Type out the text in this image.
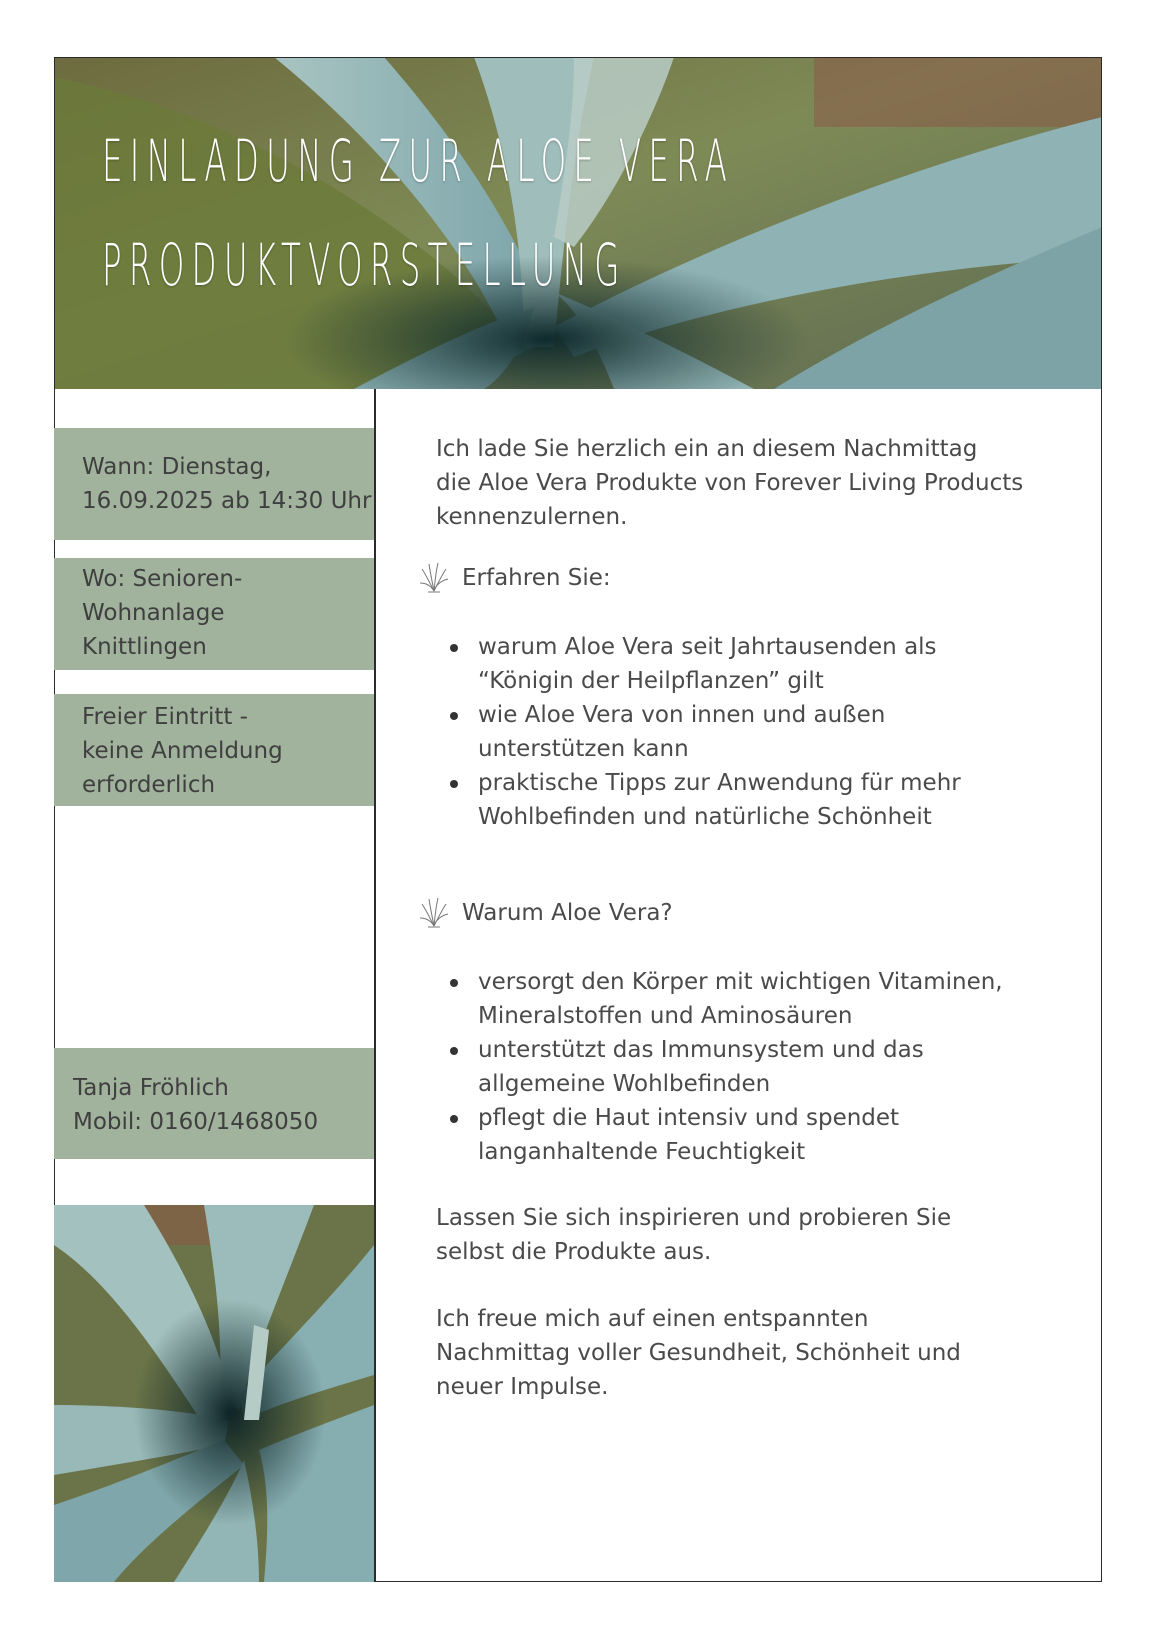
EINLADUNG ZUR ALOE VERA
PRODUKTVORSTELLUNG
Wann: Dienstag,
16.09.2025 ab 14:30 Uhr
Wo: Senioren-
Wohnanlage
Knittlingen
Freier Eintritt -
keine Anmeldung
erforderlich
Tanja Fröhlich
Mobil: 0160/1468050
Ich lade Sie herzlich ein an diesem Nachmittag
die Aloe Vera Produkte von Forever Living Products
kennenzulernen.
Erfahren Sie:
warum Aloe Vera seit Jahrtausenden als
“Königin der Heilpflanzen” gilt
wie Aloe Vera von innen und außen
unterstützen kann
praktische Tipps zur Anwendung für mehr
Wohlbefinden und natürliche Schönheit
Warum Aloe Vera?
versorgt den Körper mit wichtigen Vitaminen,
Mineralstoffen und Aminosäuren
unterstützt das Immunsystem und das
allgemeine Wohlbefinden
pflegt die Haut intensiv und spendet
langanhaltende Feuchtigkeit
Lassen Sie sich inspirieren und probieren Sie
selbst die Produkte aus.
Ich freue mich auf einen entspannten
Nachmittag voller Gesundheit, Schönheit und
neuer Impulse.
